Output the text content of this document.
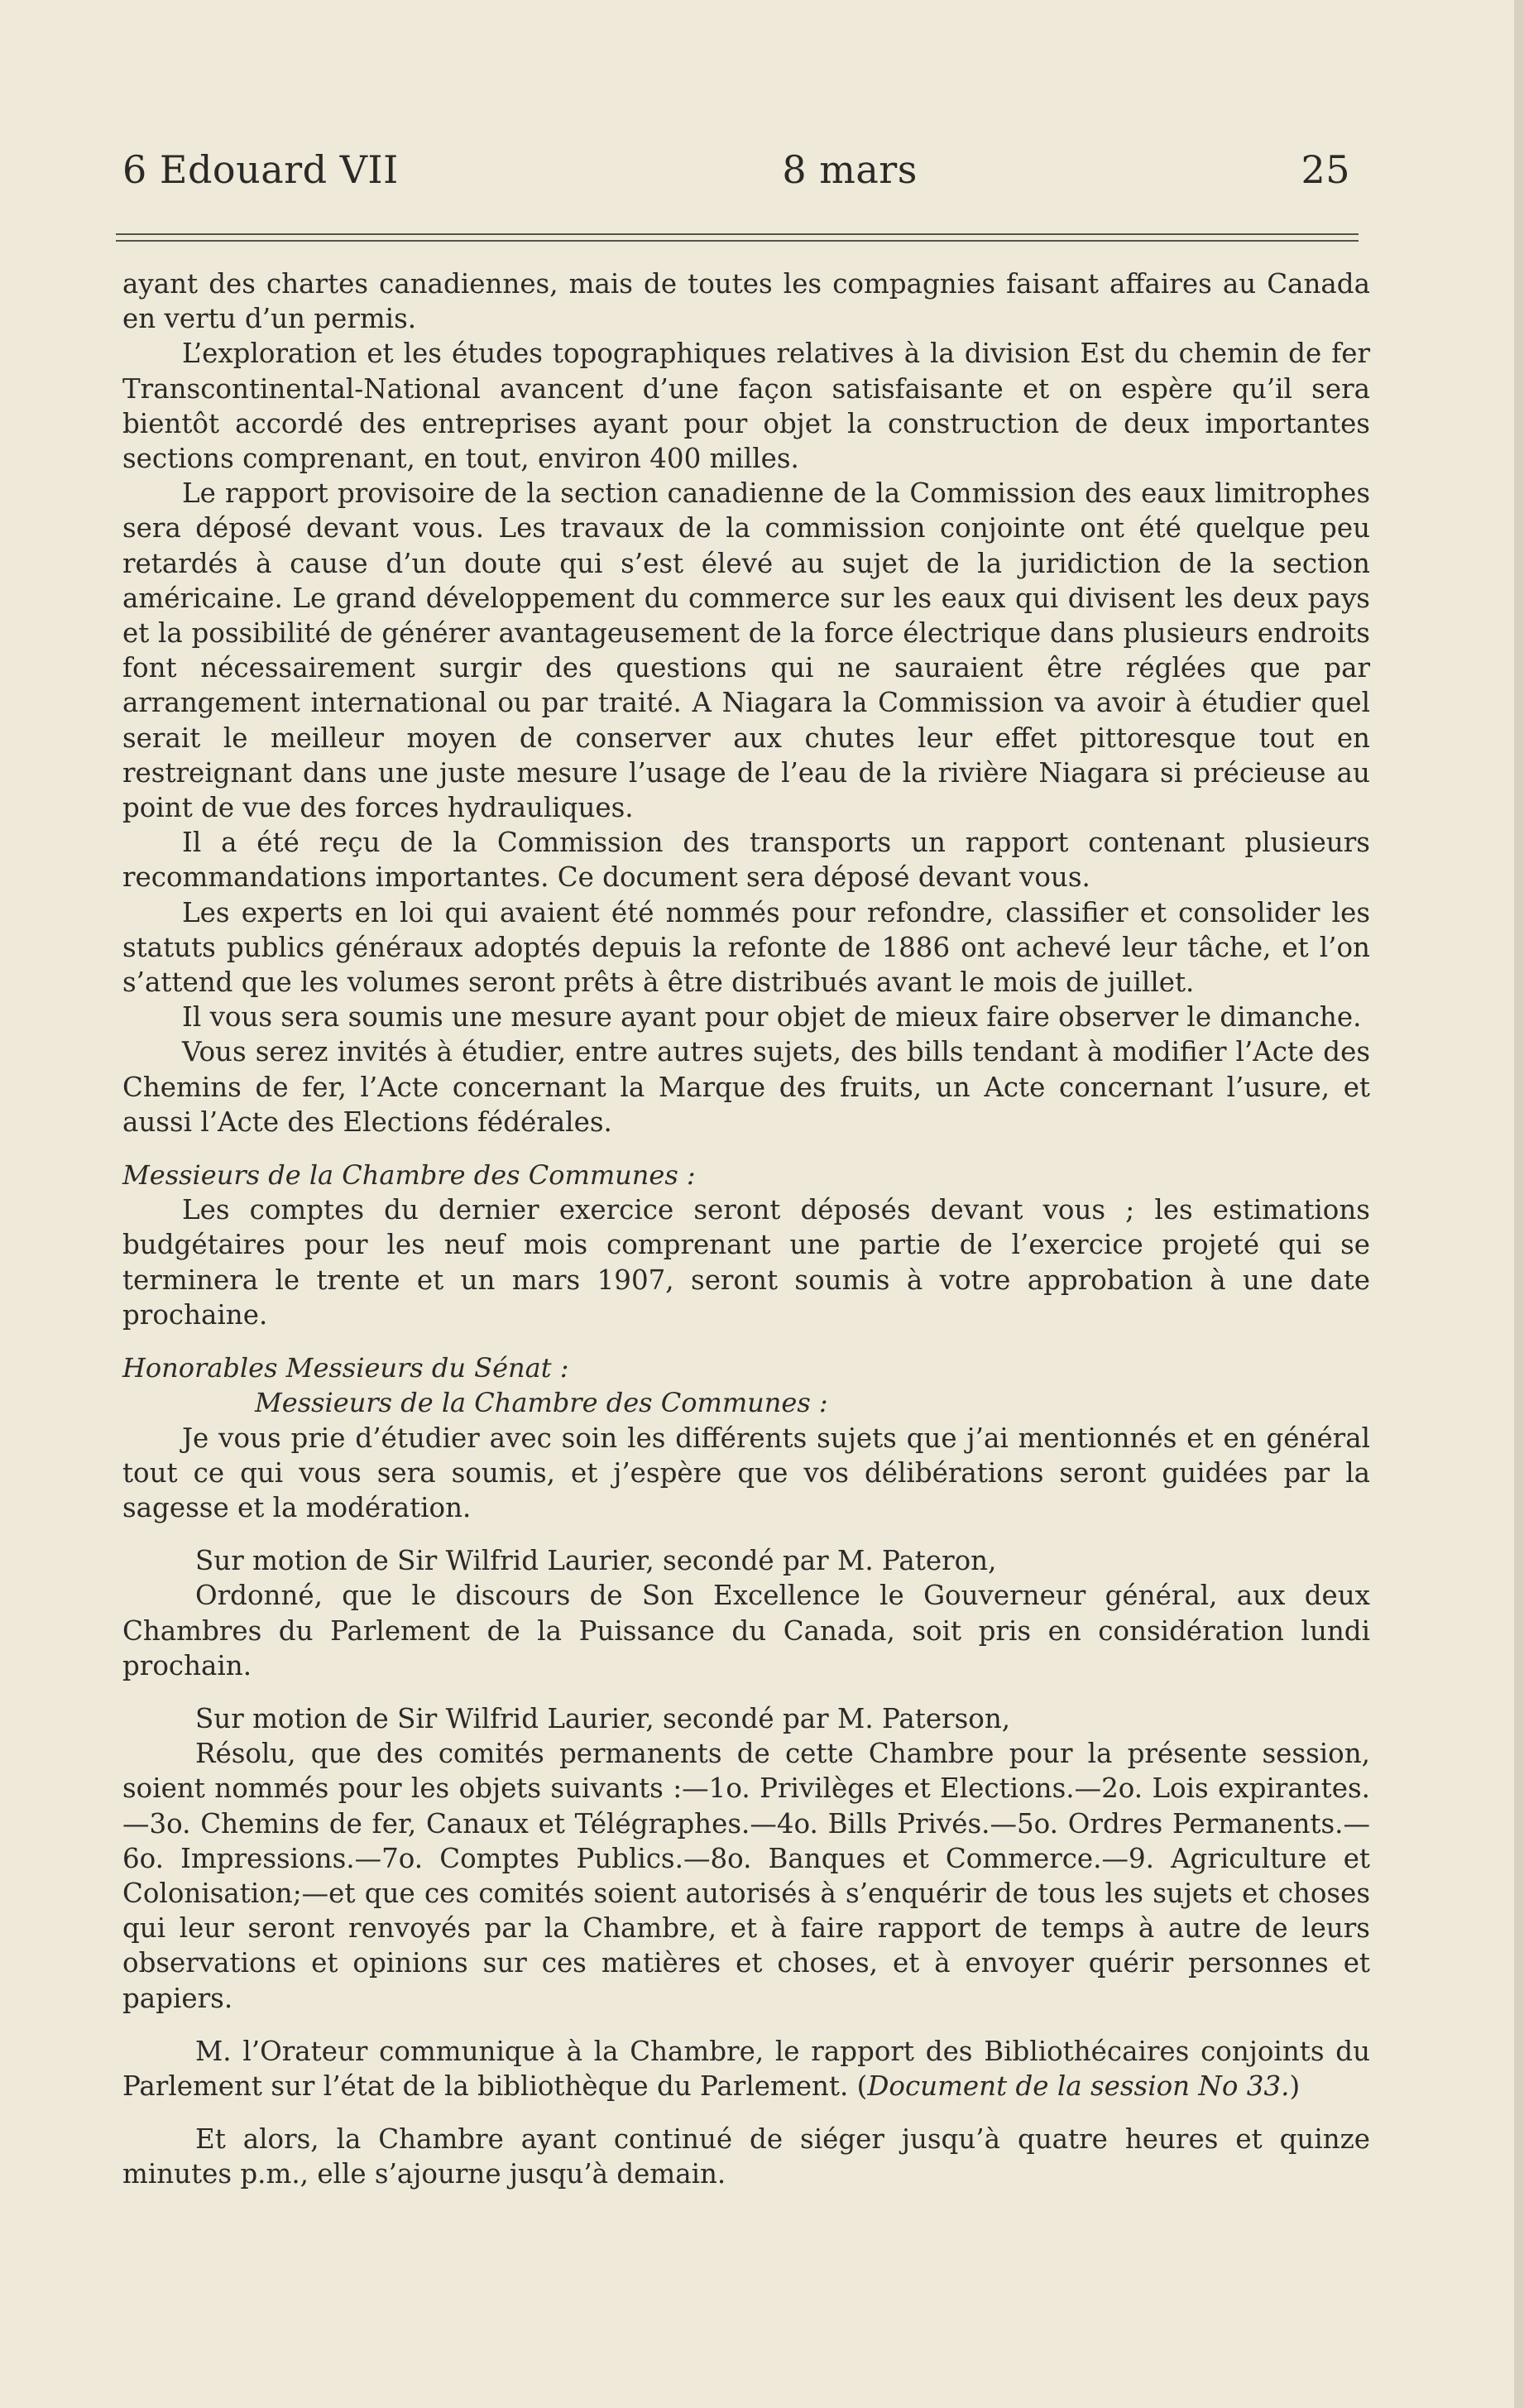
6 Edouard VII	8 mars	25

ayant des chartes canadiennes, mais de toutes les compagnies faisant affaires au Canada en vertu d’un permis.

L’exploration et les études topographiques relatives à la division Est du chemin de fer Transcontinental-National avancent d’une façon satisfaisante et on espère qu’il sera bientôt accordé des entreprises ayant pour objet la construction de deux importantes sections comprenant, en tout, environ 400 milles.

Le rapport provisoire de la section canadienne de la Commission des eaux limitrophes sera déposé devant vous. Les travaux de la commission conjointe ont été quelque peu retardés à cause d’un doute qui s’est élevé au sujet de la juridiction de la section américaine. Le grand développement du commerce sur les eaux qui divisent les deux pays et la possibilité de générer avantageusement de la force électrique dans plusieurs endroits font nécessairement surgir des questions qui ne sauraient être réglées que par arrangement international ou par traité. A Niagara la Commission va avoir à étudier quel serait le meilleur moyen de conserver aux chutes leur effet pittoresque tout en restreignant dans une juste mesure l’usage de l’eau de la rivière Niagara si précieuse au point de vue des forces hydrauliques.

Il a été reçu de la Commission des transports un rapport contenant plusieurs recommandations importantes. Ce document sera déposé devant vous.

Les experts en loi qui avaient été nommés pour refondre, classifier et consolider les statuts publics généraux adoptés depuis la refonte de 1886 ont achevé leur tâche, et l’on s’attend que les volumes seront prêts à être distribués avant le mois de juillet.

Il vous sera soumis une mesure ayant pour objet de mieux faire observer le dimanche.

Vous serez invités à étudier, entre autres sujets, des bills tendant à modifier l’Acte des Chemins de fer, l’Acte concernant la Marque des fruits, un Acte concernant l’usure, et aussi l’Acte des Elections fédérales.

Messieurs de la Chambre des Communes :

Les comptes du dernier exercice seront déposés devant vous ; les estimations budgétaires pour les neuf mois comprenant une partie de l’exercice projeté qui se terminera le trente et un mars 1907, seront soumis à votre approbation à une date prochaine.

Honorables Messieurs du Sénat :

Messieurs de la Chambre des Communes :

Je vous prie d’étudier avec soin les différents sujets que j’ai mentionnés et en général tout ce qui vous sera soumis, et j’espère que vos délibérations seront guidées par la sagesse et la modération.

Sur motion de Sir Wilfrid Laurier, secondé par M. Pateron,

Ordonné, que le discours de Son Excellence le Gouverneur général, aux deux Chambres du Parlement de la Puissance du Canada, soit pris en considération lundi prochain.

Sur motion de Sir Wilfrid Laurier, secondé par M. Paterson,

Résolu, que des comités permanents de cette Chambre pour la présente session, soient nommés pour les objets suivants :—1o. Privilèges et Elections.—2o. Lois expirantes.—3o. Chemins de fer, Canaux et Télégraphes.—4o. Bills Privés.—5o. Ordres Permanents.—6o. Impressions.—7o. Comptes Publics.—8o. Banques et Commerce.—9. Agriculture et Colonisation;—et que ces comités soient autorisés à s’enquérir de tous les sujets et choses qui leur seront renvoyés par la Chambre, et à faire rapport de temps à autre de leurs observations et opinions sur ces matières et choses, et à envoyer quérir personnes et papiers.

M. l’Orateur communique à la Chambre, le rapport des Bibliothécaires conjoints du Parlement sur l’état de la bibliothèque du Parlement. (Document de la session No 33.)

Et alors, la Chambre ayant continué de siéger jusqu’à quatre heures et quinze minutes p.m., elle s’ajourne jusqu’à demain.
